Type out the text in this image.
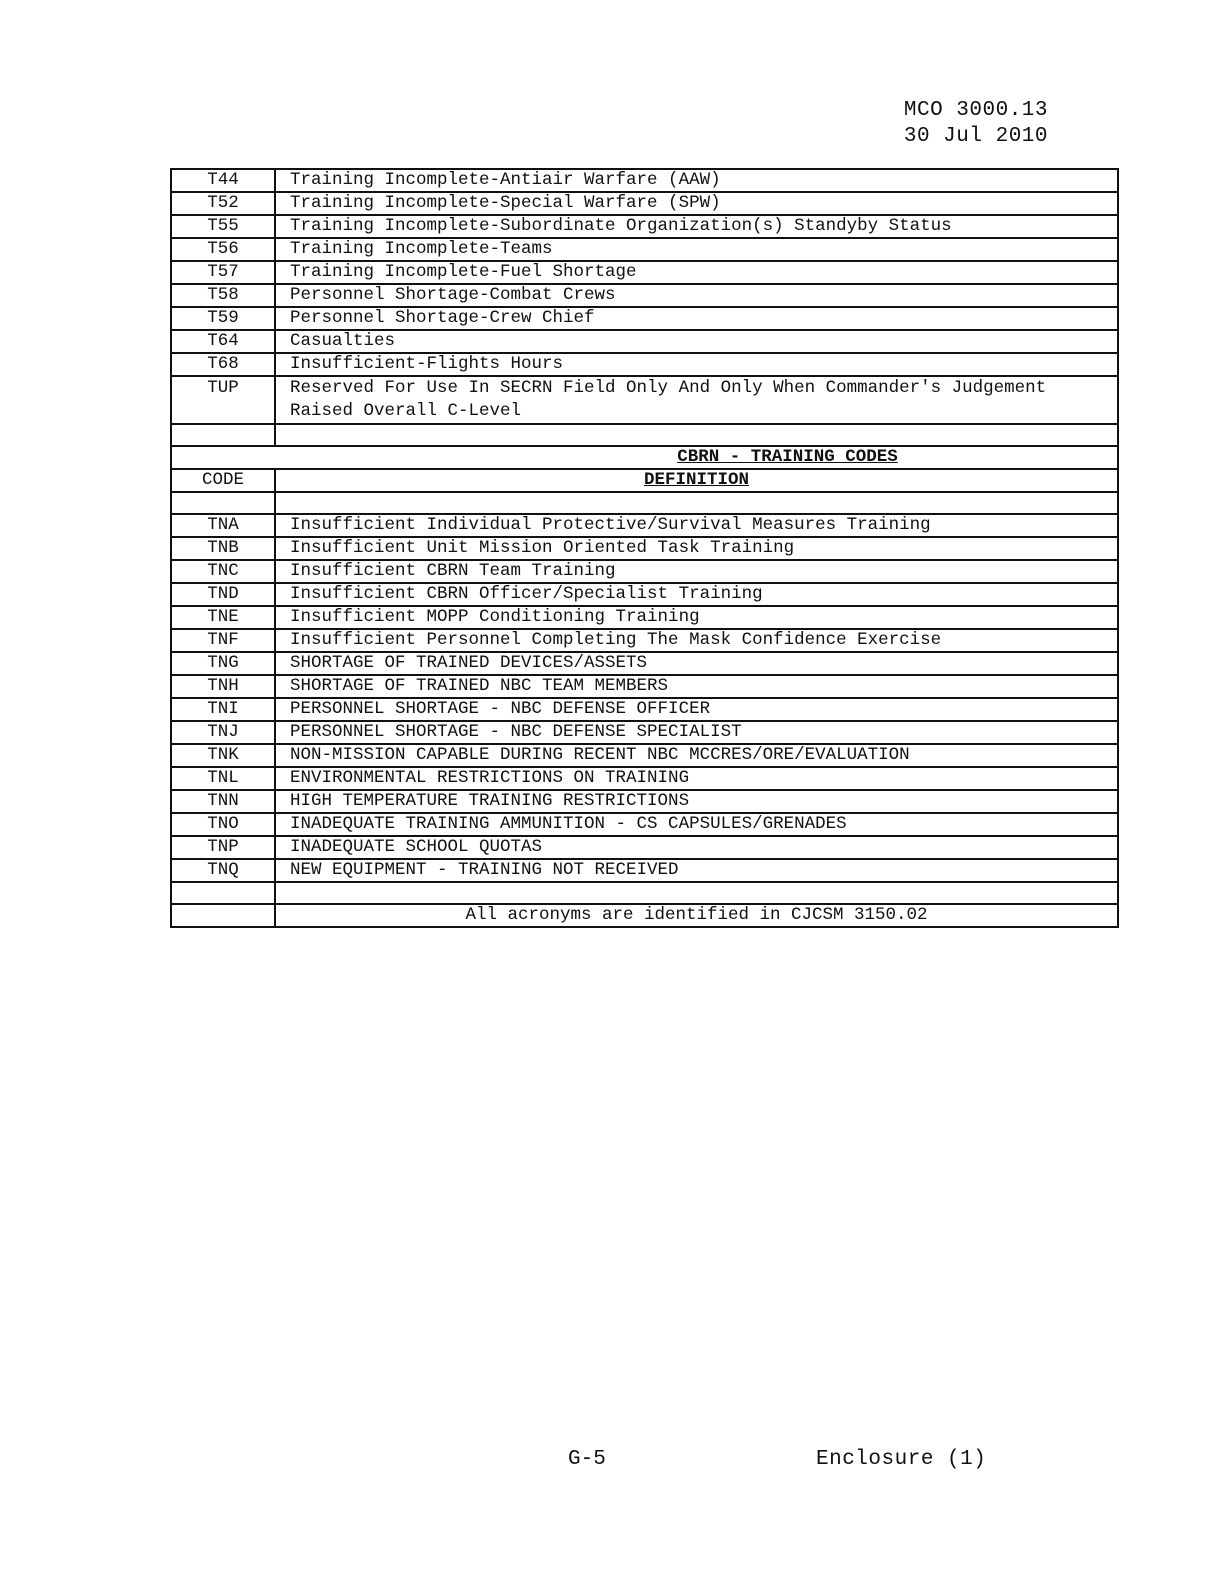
MCO 3000.13
30 Jul 2010
T44	Training Incomplete-Antiair Warfare (AAW)
T52	Training Incomplete-Special Warfare (SPW)
T55	Training Incomplete-Subordinate Organization(s) Standyby Status
T56	Training Incomplete-Teams
T57	Training Incomplete-Fuel Shortage
T58	Personnel Shortage-Combat Crews
T59	Personnel Shortage-Crew Chief
T64	Casualties
T68	Insufficient-Flights Hours
TUP	Reserved For Use In SECRN Field Only And Only When Commander's Judgement Raised Overall C-Level

CBRN - TRAINING CODES	
CODE	DEFINITION

TNA	Insufficient Individual Protective/Survival Measures Training
TNB	Insufficient Unit Mission Oriented Task Training
TNC	Insufficient CBRN Team Training
TND	Insufficient CBRN Officer/Specialist Training
TNE	Insufficient MOPP Conditioning Training
TNF	Insufficient Personnel Completing The Mask Confidence Exercise
TNG	SHORTAGE OF TRAINED DEVICES/ASSETS
TNH	SHORTAGE OF TRAINED NBC TEAM MEMBERS
TNI	PERSONNEL SHORTAGE - NBC DEFENSE OFFICER
TNJ	PERSONNEL SHORTAGE - NBC DEFENSE SPECIALIST
TNK	NON-MISSION CAPABLE DURING RECENT NBC MCCRES/ORE/EVALUATION
TNL	ENVIRONMENTAL RESTRICTIONS ON TRAINING
TNN	HIGH TEMPERATURE TRAINING RESTRICTIONS
TNO	INADEQUATE TRAINING AMMUNITION - CS CAPSULES/GRENADES
TNP	INADEQUATE SCHOOL QUOTAS
TNQ	NEW EQUIPMENT - TRAINING NOT RECEIVED

	All acronyms are identified in CJCSM 3150.02
G-5	Enclosure (1)
